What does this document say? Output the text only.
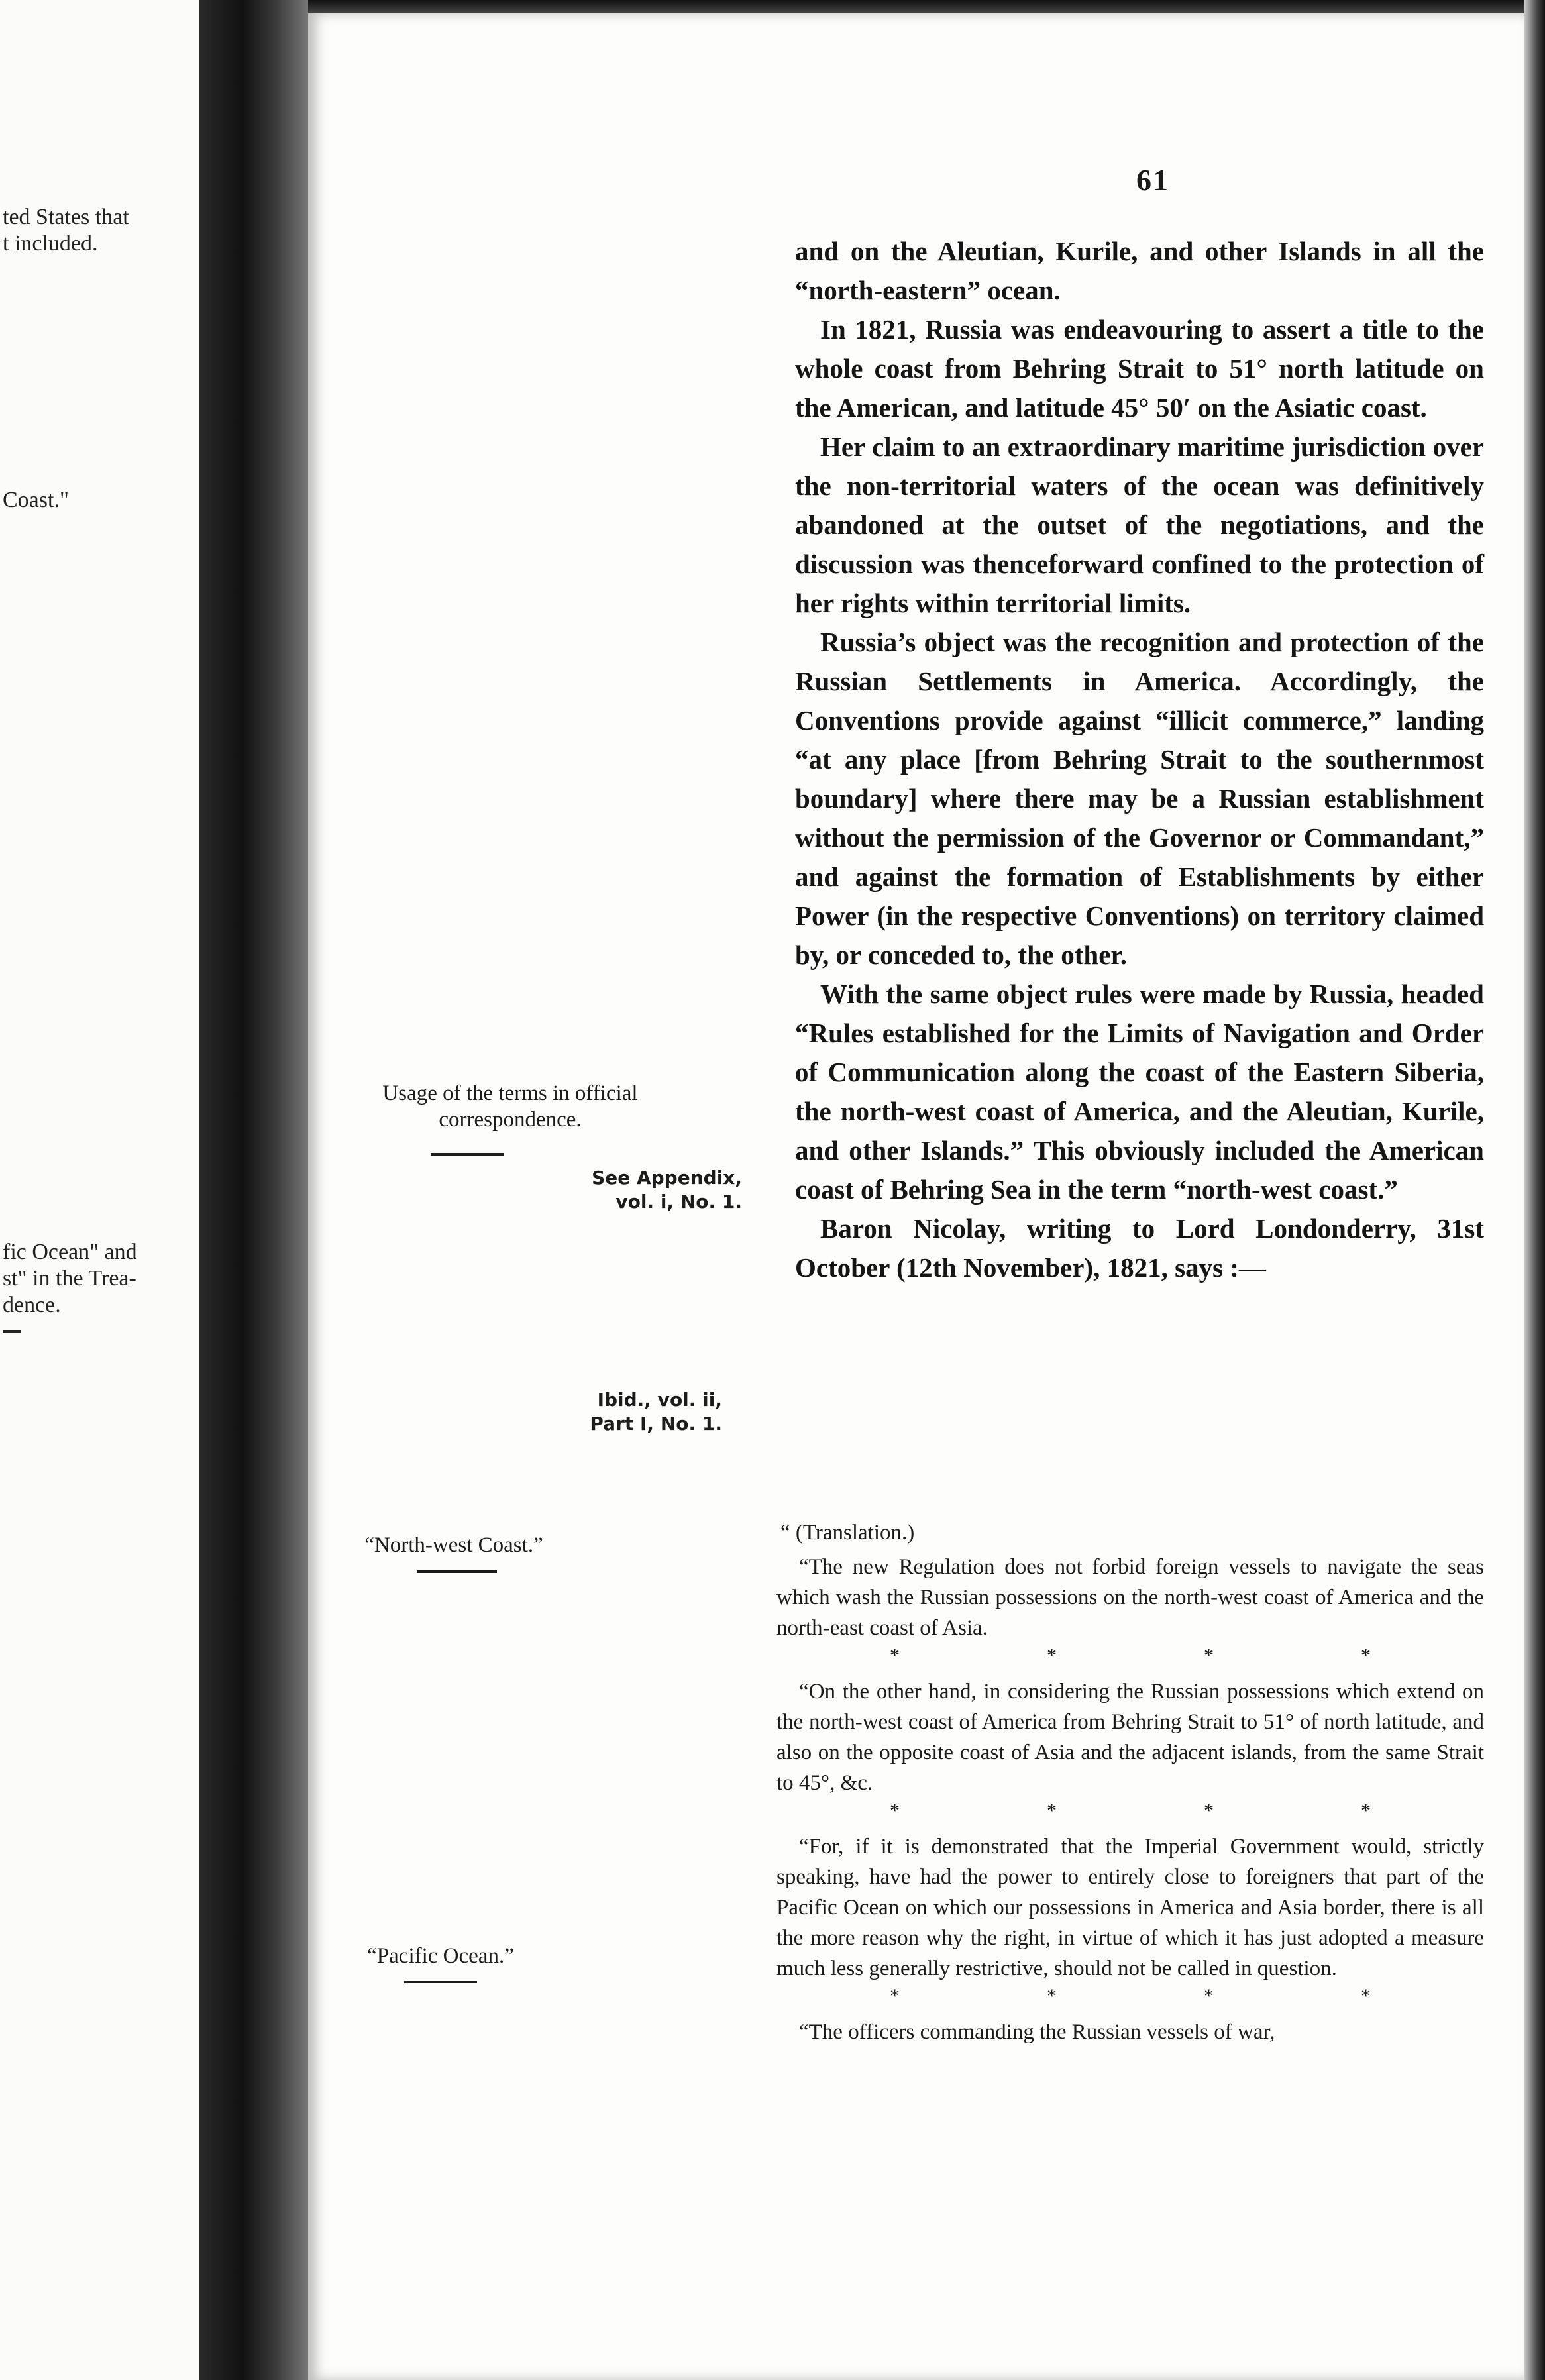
ted States that
t included.
Coast."
fic Ocean" and
st" in the Trea-
dence.
61

and on the Aleutian, Kurile, and other Islands in all the “north-eastern” ocean.

In 1821, Russia was endeavouring to assert a title to the whole coast from Behring Strait to 51° north latitude on the American, and latitude 45° 50′ on the Asiatic coast.

Her claim to an extraordinary maritime jurisdiction over the non-territorial waters of the ocean was definitively abandoned at the outset of the negotiations, and the discussion was thenceforward confined to the protection of her rights within territorial limits.

Russia’s object was the recognition and protection of the Russian Settlements in America. Accordingly, the Conventions provide against “illicit commerce,” landing “at any place [from Behring Strait to the southernmost boundary] where there may be a Russian establishment without the permission of the Governor or Commandant,” and against the formation of Establishments by either Power (in the respective Conventions) on territory claimed by, or conceded to, the other.

With the same object rules were made by Russia, headed “Rules established for the Limits of Navigation and Order of Communication along the coast of the Eastern Siberia, the north-west coast of America, and the Aleutian, Kurile, and other Islands.” This obviously included the American coast of Behring Sea in the term “north-west coast.”

Baron Nicolay, writing to Lord Londonderry, 31st October (12th November), 1821, says :—

“ (Translation.)

“The new Regulation does not forbid foreign vessels to navigate the seas which wash the Russian possessions on the north-west coast of America and the north-east coast of Asia.

*	*	*	*

“On the other hand, in considering the Russian possessions which extend on the north-west coast of America from Behring Strait to 51° of north latitude, and also on the opposite coast of Asia and the adjacent islands, from the same Strait to 45°, &c.

*	*	*	*

“For, if it is demonstrated that the Imperial Government would, strictly speaking, have had the power to entirely close to foreigners that part of the Pacific Ocean on which our possessions in America and Asia border, there is all the more reason why the right, in virtue of which it has just adopted a measure much less generally restrictive, should not be called in question.

*	*	*	*

“The officers commanding the Russian vessels of war,

Usage of the terms in official correspondence.
See Appendix,
vol. i, No. 1.
Ibid., vol. ii,
Part I, No. 1.
“North-west Coast.”
“Pacific Ocean.”
